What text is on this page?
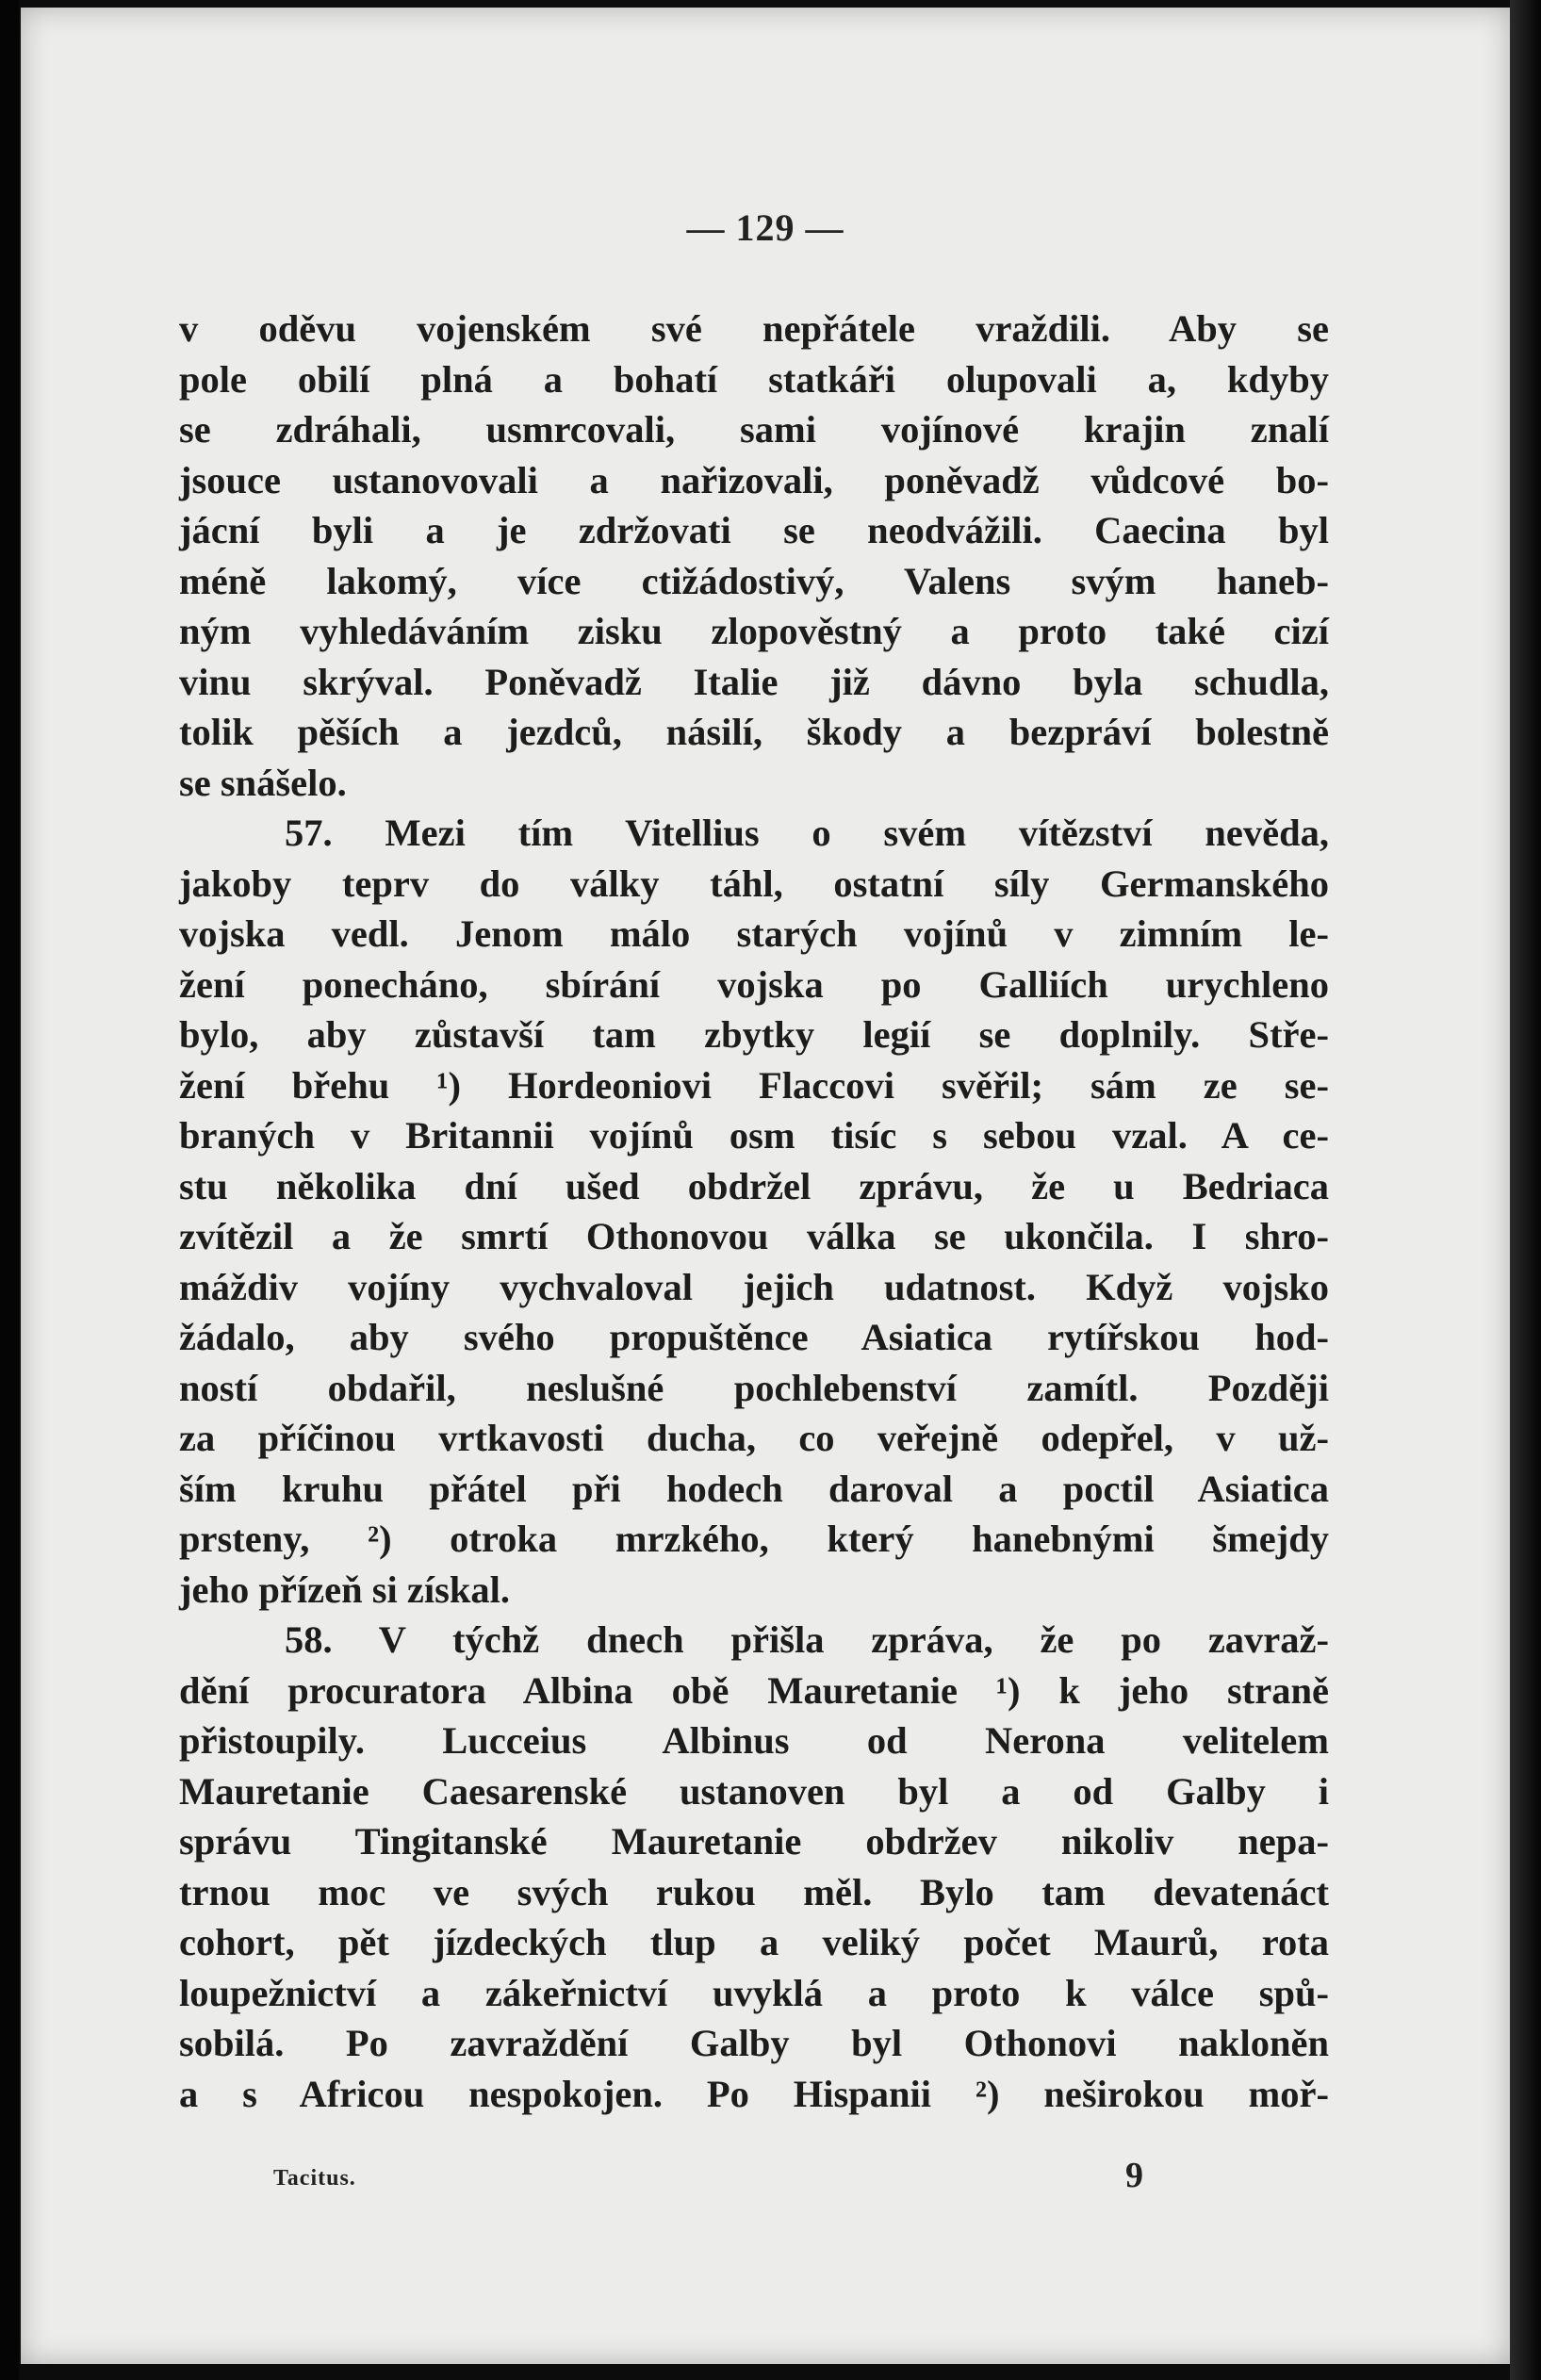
— 129 —
v oděvu vojenském své nepřátele vraždili. Aby se
pole obilí plná a bohatí statkáři olupovali a, kdyby
se zdráhali, usmrcovali, sami vojínové krajin znalí
jsouce ustanovovali a nařizovali, poněvadž vůdcové bo-
jácní byli a je zdržovati se neodvážili. Caecina byl
méně lakomý, více ctižádostivý, Valens svým haneb-
ným vyhledáváním zisku zlopověstný a proto také cizí
vinu skrýval. Poněvadž Italie již dávno byla schudla,
tolik pěších a jezdců, násilí, škody a bezpráví bolestně
se snášelo.
57. Mezi tím Vitellius o svém vítězství nevěda,
jakoby teprv do války táhl, ostatní síly Germanského
vojska vedl. Jenom málo starých vojínů v zimním le-
žení ponecháno, sbírání vojska po Galliích urychleno
bylo, aby zůstavší tam zbytky legií se doplnily. Stře-
žení břehu ¹) Hordeoniovi Flaccovi svěřil; sám ze se-
braných v Britannii vojínů osm tisíc s sebou vzal. A ce-
stu několika dní ušed obdržel zprávu, že u Bedriaca
zvítězil a že smrtí Othonovou válka se ukončila. I shro-
máždiv vojíny vychvaloval jejich udatnost. Když vojsko
žádalo, aby svého propuštěnce Asiatica rytířskou hod-
ností obdařil, neslušné pochlebenství zamítl. Později
za příčinou vrtkavosti ducha, co veřejně odepřel, v už-
ším kruhu přátel při hodech daroval a poctil Asiatica
prsteny, ²) otroka mrzkého, který hanebnými šmejdy
jeho přízeň si získal.
58. V týchž dnech přišla zpráva, že po zavraž-
dění procuratora Albina obě Mauretanie ¹) k jeho straně
přistoupily. Lucceius Albinus od Nerona velitelem
Mauretanie Caesarenské ustanoven byl a od Galby i
správu Tingitanské Mauretanie obdržev nikoliv nepa-
trnou moc ve svých rukou měl. Bylo tam devatenáct
cohort, pět jízdeckých tlup a veliký počet Maurů, rota
loupežnictví a zákeřnictví uvyklá a proto k válce spů-
sobilá. Po zavraždění Galby byl Othonovi nakloněn
a s Africou nespokojen. Po Hispanii ²) neširokou moř-
Tacitus.	9
